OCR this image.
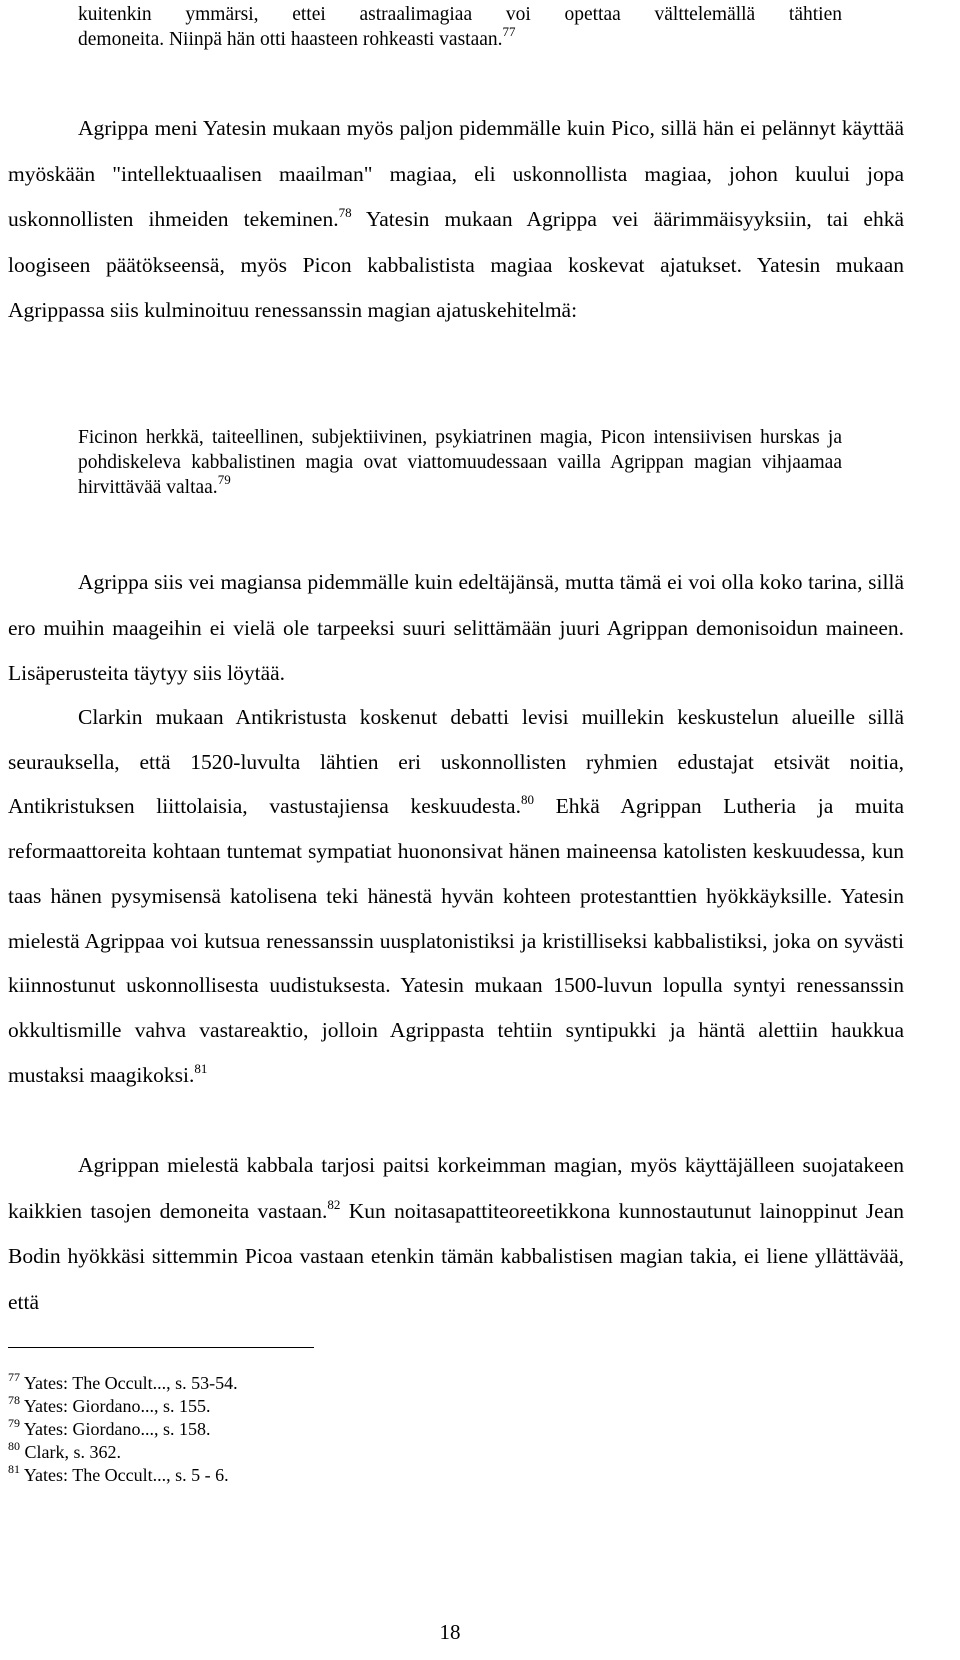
kuitenkin ymmärsi, ettei astraalimagiaa voi opettaa välttelemällä tähtien
demoneita. Niinpä hän otti haasteen rohkeasti vastaan.$^{77}$

Agrippa meni Yatesin mukaan myös paljon pidemmälle kuin Pico, sillä hän ei pelännyt käyttää myöskään "intellektuaalisen maailman" magiaa, eli uskonnollista magiaa, johon kuului jopa uskonnollisten ihmeiden tekeminen.$^{78}$ Yatesin mukaan Agrippa vei äärimmäisyyksiin, tai ehkä loogiseen päätökseensä, myös Picon kabbalistista magiaa koskevat ajatukset. Yatesin mukaan Agrippassa siis kulminoituu renessanssin magian ajatuskehitelmä:

Ficinon herkkä, taiteellinen, subjektiivinen, psykiatrinen magia, Picon intensiivisen hurskas ja pohdiskeleva kabbalistinen magia ovat viattomuudessaan vailla Agrippan magian vihjaamaa hirvittävää valtaa.$^{79}$

Agrippa siis vei magiansa pidemmälle kuin edeltäjänsä, mutta tämä ei voi olla koko tarina, sillä ero muihin maageihin ei vielä ole tarpeeksi suuri selittämään juuri Agrippan demonisoidun maineen. Lisäperusteita täytyy siis löytää.

Clarkin mukaan Antikristusta koskenut debatti levisi muillekin keskustelun alueille sillä seurauksella, että 1520-luvulta lähtien eri uskonnollisten ryhmien edustajat etsivät noitia, Antikristuksen liittolaisia, vastustajiensa keskuudesta.$^{80}$ Ehkä Agrippan Lutheria ja muita reformaattoreita kohtaan tuntemat sympatiat huononsivat hänen maineensa katolisten keskuudessa, kun taas hänen pysymisensä katolisena teki hänestä hyvän kohteen protestanttien hyökkäyksille. Yatesin mielestä Agrippaa voi kutsua renessanssin uusplatonistiksi ja kristilliseksi kabbalistiksi, joka on syvästi kiinnostunut uskonnollisesta uudistuksesta. Yatesin mukaan 1500-luvun lopulla syntyi renessanssin okkultismille vahva vastareaktio, jolloin Agrippasta tehtiin syntipukki ja häntä alettiin haukkua mustaksi maagikoksi.$^{81}$

Agrippan mielestä kabbala tarjosi paitsi korkeimman magian, myös käyttäjälleen suojatakeen kaikkien tasojen demoneita vastaan.$^{82}$ Kun noitasapattiteoreetikkona kunnostautunut lainoppinut Jean Bodin hyökkäsi sittemmin Picoa vastaan etenkin tämän kabbalistisen magian takia, ei liene yllättävää, että

$^{77}$ Yates: The Occult..., s. 53-54.

$^{78}$ Yates: Giordano..., s. 155.

$^{79}$ Yates: Giordano..., s. 158.

$^{80}$ Clark, s. 362.

$^{81}$ Yates: The Occult..., s. 5 - 6.

18
